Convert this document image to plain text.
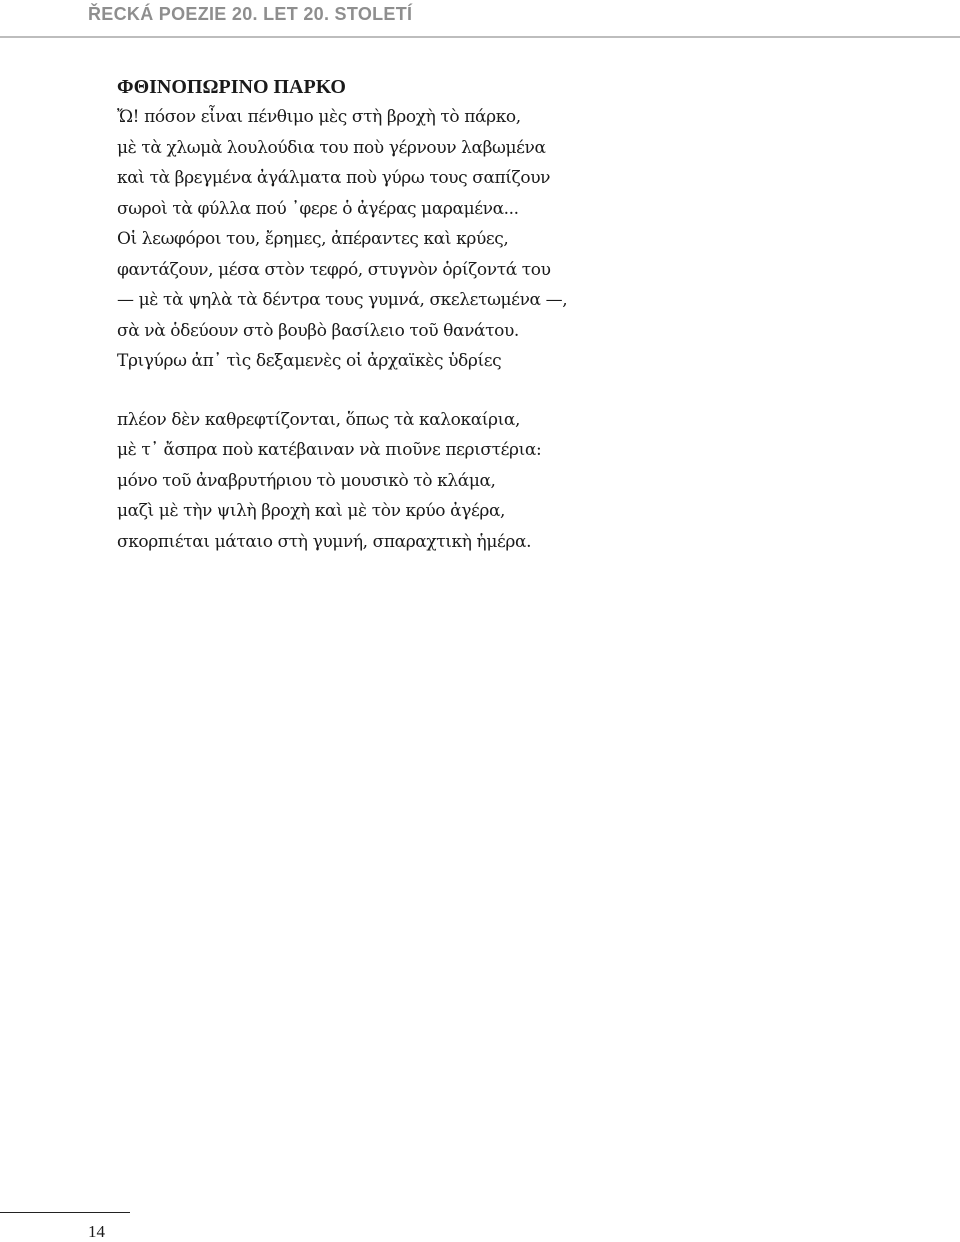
ŘECKÁ POEZIE 20. LET 20. STOLETÍ
ΦΘΙΝΟΠΩΡΙΝΟ ΠΑΡΚΟ
Ὤ! πόσον εἶναι πένθιμο μὲς στὴ βροχὴ τὸ πάρκο,
μὲ τὰ χλωμὰ λουλούδια του ποὺ γέρνουν λαβωμένα
καὶ τὰ βρεγμένα ἀγάλματα ποὺ γύρω τους σαπίζουν
σωροὶ τὰ φύλλα πού ᾿φερε ὁ ἀγέρας μαραμένα...
Οἱ λεωφόροι του, ἔρημες, ἀπέραντες καὶ κρύες,
φαντάζουν, μέσα στὸν τεφρό, στυγνὸν ὁρίζοντά του
— μὲ τὰ ψηλὰ τὰ δέντρα τους γυμνά, σκελετωμένα —,
σὰ νὰ ὁδεύουν στὸ βουβὸ βασίλειο τοῦ θανάτου.
Τριγύρω ἀπ᾿ τὶς δεξαμενὲς οἱ ἀρχαϊκὲς ὑδρίες
πλέον δὲν καθρεφτίζονται, ὅπως τὰ καλοκαίρια,
μὲ τ᾿ ἄσπρα ποὺ κατέβαιναν νὰ πιοῦνε περιστέρια:
μόνο τοῦ ἀναβρυτήριου τὸ μουσικὸ τὸ κλάμα,
μαζὶ μὲ τὴν ψιλὴ βροχὴ καὶ μὲ τὸν κρύο ἀγέρα,
σκορπιέται μάταιο στὴ γυμνή, σπαραχτικὴ ἡμέρα.
14
